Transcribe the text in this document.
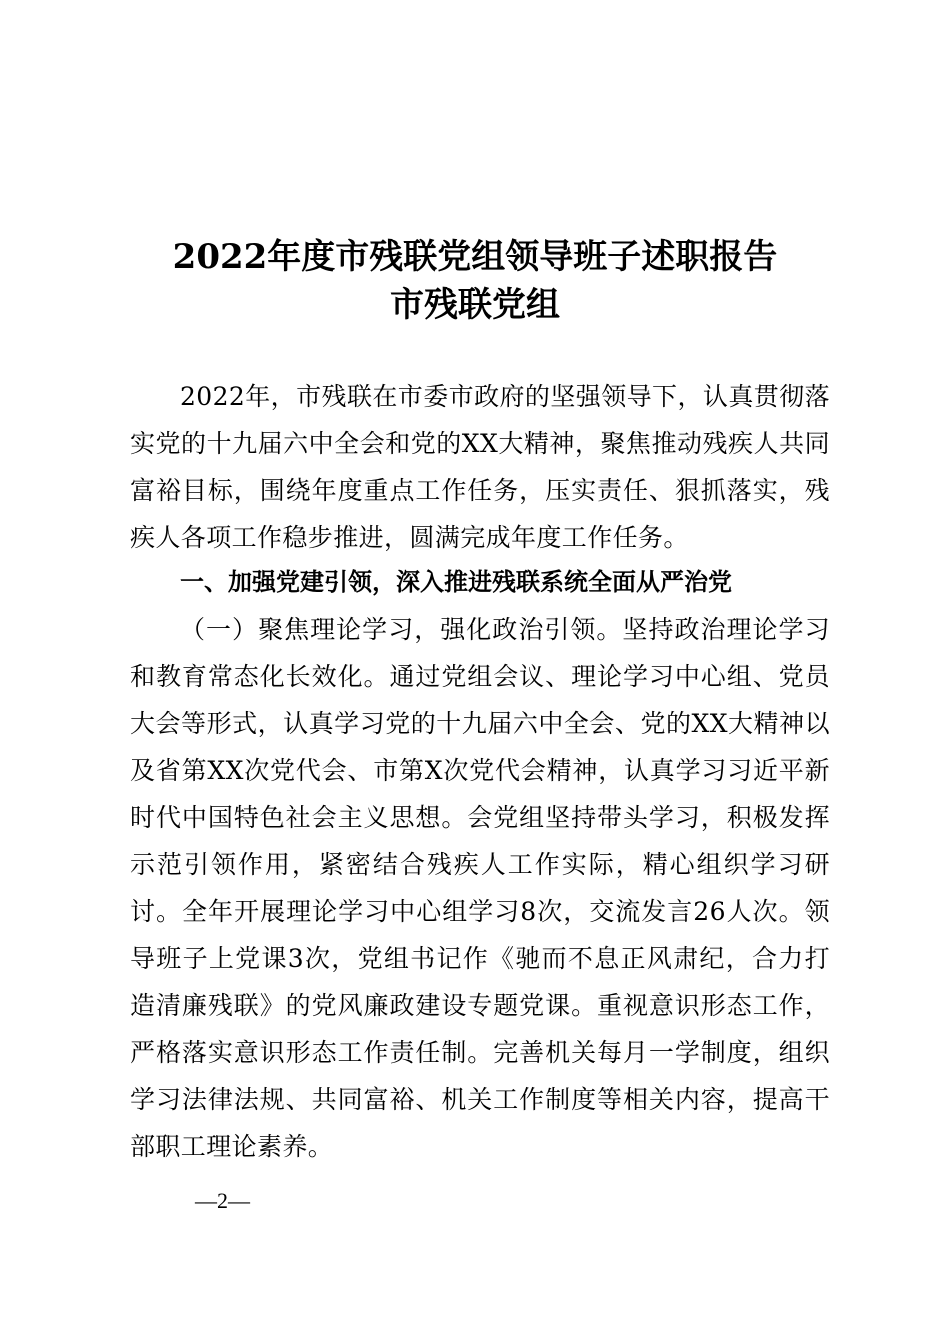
2022年度市残联党组领导班子述职报告
市残联党组
2022年，市残联在市委市政府的坚强领导下，认真贯彻落实党的十九届六中全会和党的XX大精神，聚焦推动残疾人共同富裕目标，围绕年度重点工作任务，压实责任、狠抓落实，残疾人各项工作稳步推进，圆满完成年度工作任务。
一、加强党建引领，深入推进残联系统全面从严治党
（一）聚焦理论学习，强化政治引领。坚持政治理论学习和教育常态化长效化。通过党组会议、理论学习中心组、党员大会等形式，认真学习党的十九届六中全会、党的XX大精神以及省第XX次党代会、市第X次党代会精神，认真学习习近平新时代中国特色社会主义思想。会党组坚持带头学习，积极发挥示范引领作用，紧密结合残疾人工作实际，精心组织学习研讨。全年开展理论学习中心组学习8次，交流发言26人次。领导班子上党课3次，党组书记作《驰而不息正风肃纪，合力打造清廉残联》的党风廉政建设专题党课。重视意识形态工作，严格落实意识形态工作责任制。完善机关每月一学制度，组织学习法律法规、共同富裕、机关工作制度等相关内容，提高干部职工理论素养。
—2—
